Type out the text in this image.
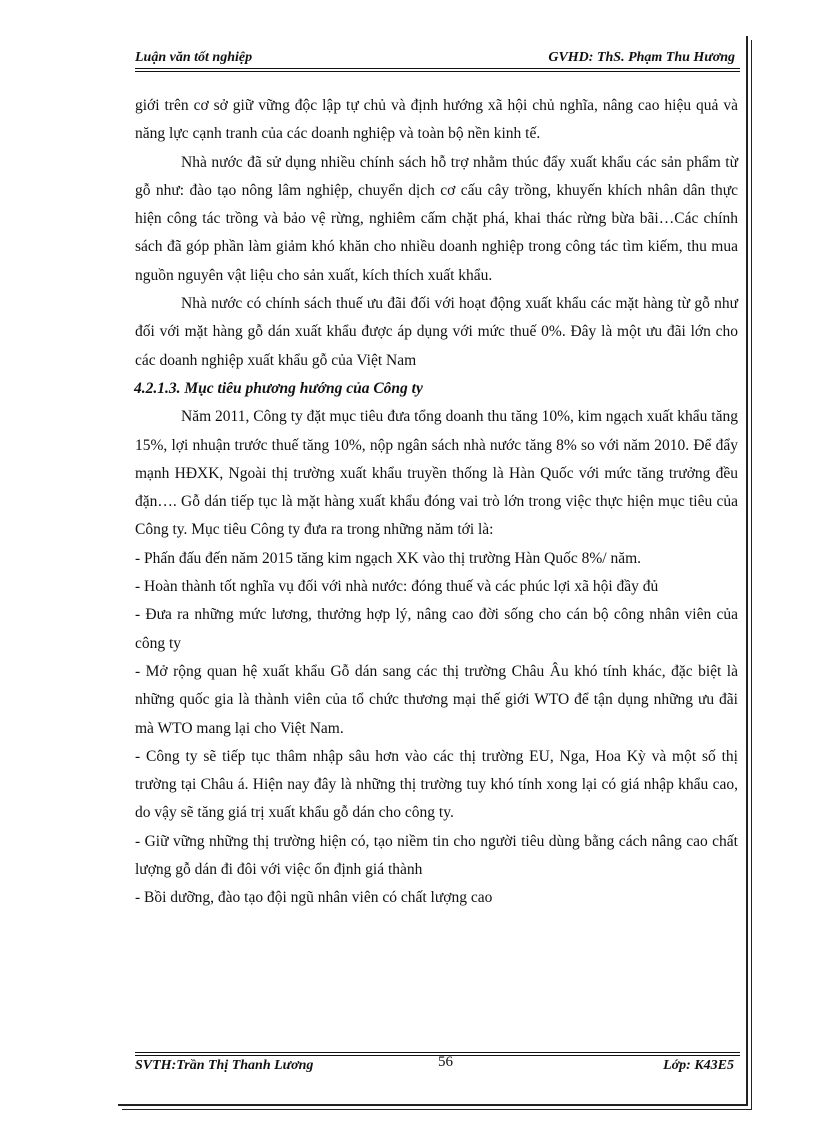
Luận văn tốt nghiệp	GVHD: ThS. Phạm Thu Hương

giới trên cơ sở giữ vững độc lập tự chủ và định hướng xã hội chủ nghĩa, nâng cao hiệu quả và năng lực cạnh tranh của các doanh nghiệp và toàn bộ nền kinh tế.

Nhà nước đã sử dụng nhiều chính sách hỗ trợ nhằm thúc đẩy xuất khẩu các sản phẩm từ gỗ như: đào tạo nông lâm nghiệp, chuyển dịch cơ cấu cây trồng, khuyến khích nhân dân thực hiện công tác trồng và bảo vệ rừng, nghiêm cấm chặt phá, khai thác rừng bừa bãi…Các chính sách đã góp phần làm giảm khó khăn cho nhiều doanh nghiệp trong công tác tìm kiếm, thu mua nguồn nguyên vật liệu cho sản xuất, kích thích xuất khẩu.

Nhà nước có chính sách thuế ưu đãi đối với hoạt động xuất khẩu các mặt hàng từ gỗ như đối với mặt hàng gỗ dán xuất khẩu được áp dụng với mức thuế 0%. Đây là một ưu đãi lớn cho các doanh nghiệp xuất khẩu gỗ của Việt Nam

4.2.1.3. Mục tiêu phương hướng của Công ty

Năm 2011, Công ty đặt mục tiêu đưa tổng doanh thu tăng 10%, kim ngạch xuất khẩu tăng 15%, lợi nhuận trước thuế tăng 10%, nộp ngân sách nhà nước tăng 8% so với năm 2010. Để đẩy mạnh HĐXK, Ngoài thị trường xuất khẩu truyền thống là Hàn Quốc với mức tăng trưởng đều đặn…. Gỗ dán tiếp tục là mặt hàng xuất khẩu đóng vai trò lớn trong việc thực hiện mục tiêu của Công ty. Mục tiêu Công ty đưa ra trong những năm tới là:

- Phấn đấu đến năm 2015 tăng kim ngạch XK vào thị trường Hàn Quốc 8%/ năm.

- Hoàn thành tốt nghĩa vụ đối với nhà nước: đóng thuế và các phúc lợi xã hội đầy đủ

- Đưa ra những mức lương, thưởng hợp lý, nâng cao đời sống cho cán bộ công nhân viên của công ty

- Mở rộng quan hệ xuất khẩu Gỗ dán sang các thị trường Châu Âu khó tính khác, đặc biệt là những quốc gia là thành viên của tổ chức thương mại thế giới WTO để tận dụng những ưu đãi mà WTO mang lại cho Việt Nam.

- Công ty sẽ tiếp tục thâm nhập sâu hơn vào các thị trường EU, Nga, Hoa Kỳ và một số thị trường tại Châu á. Hiện nay đây là những thị trường tuy khó tính xong lại có giá nhập khẩu cao, do vậy sẽ tăng giá trị xuất khẩu gỗ dán cho công ty.

- Giữ vững những thị trường hiện có, tạo niềm tin cho người tiêu dùng bằng cách nâng cao chất lượng gỗ dán đi đôi với việc ổn định giá thành

- Bồi dưỡng, đào tạo đội ngũ nhân viên có chất lượng cao

SVTH:Trần Thị Thanh Lương	56	Lớp: K43E5
